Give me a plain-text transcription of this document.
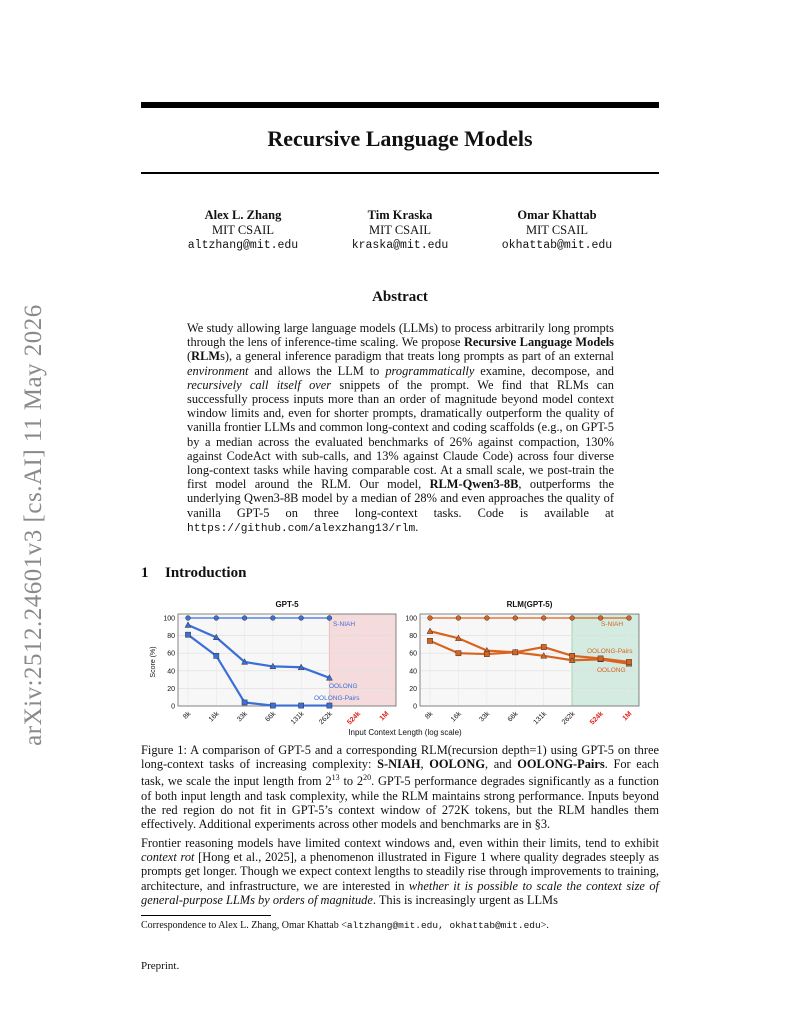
arXiv:2512.24601v3 [cs.AI] 11 May 2026
Recursive Language Models
Alex L. Zhang
MIT CSAIL
altzhang@mit.edu
Tim Kraska
MIT CSAIL
kraska@mit.edu
Omar Khattab
MIT CSAIL
okhattab@mit.edu
Abstract
We study allowing large language models (LLMs) to process arbitrarily long prompts through the lens of inference-time scaling. We propose Recursive Language Models (RLMs), a general inference paradigm that treats long prompts as part of an external environment and allows the LLM to programmatically examine, decompose, and recursively call itself over snippets of the prompt. We find that RLMs can successfully process inputs more than an order of magnitude beyond model context window limits and, even for shorter prompts, dramatically outperform the quality of vanilla frontier LLMs and common long-context and coding scaffolds (e.g., on GPT-5 by a median across the evaluated benchmarks of 26% against compaction, 130% against CodeAct with sub-calls, and 13% against Claude Code) across four diverse long-context tasks while having comparable cost. At a small scale, we post-train the first model around the RLM. Our model, RLM-Qwen3-8B, outperforms the underlying Qwen3-8B model by a median of 28% and even approaches the quality of vanilla GPT-5 on three long-context tasks. Code is available at https://github.com/alexzhang13/rlm.
1 Introduction
0
20
40
60
80
100
8k 16k 33k 66k 131k 262k 524k 1M
GPT-5
Score (%)
S-NIAH
OOLONG
OOLONG-Pairs
0
20
40
60
80
100
8k 16k 33k 66k 131k 262k 524k 1M
RLM(GPT-5)
S-NIAH
OOLONG
OOLONG-Pairs
Input Context Length (log scale)
Figure 1: A comparison of GPT-5 and a corresponding RLM(recursion depth=1) using GPT-5 on three long-context tasks of increasing complexity: S-NIAH, OOLONG, and OOLONG-Pairs. For each task, we scale the input length from $2^{13}$ to $2^{20}$. GPT-5 performance degrades significantly as a function of both input length and task complexity, while the RLM maintains strong performance. Inputs beyond the red region do not fit in GPT-5’s context window of 272K tokens, but the RLM handles them effectively. Additional experiments across other models and benchmarks are in §3.
Frontier reasoning models have limited context windows and, even within their limits, tend to exhibit context rot [Hong et al., 2025], a phenomenon illustrated in Figure 1 where quality degrades steeply as prompts get longer. Though we expect context lengths to steadily rise through improvements to training, architecture, and infrastructure, we are interested in whether it is possible to scale the context size of general-purpose LLMs by orders of magnitude. This is increasingly urgent as LLMs
Correspondence to Alex L. Zhang, Omar Khattab <altzhang@mit.edu, okhattab@mit.edu>.
Preprint.
